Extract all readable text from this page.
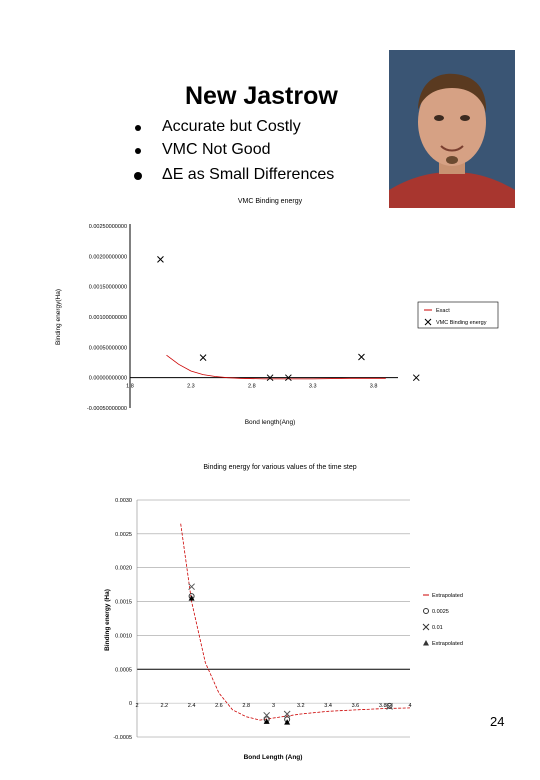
New Jastrow
Accurate but Costly
VMC Not Good
ΔE as Small Differences
VMC Binding energy
0.00250000000
0.00200000000
0.00150000000
0.00100000000
0.00050000000
0.00000000000
-0.00050000000
1.8	2.3	2.8	3.3	3.8
Bond length(Ang)
Binding energy(Ha)	Exact
VMC Binding energy
Binding energy for various values of the time step
0.0030
0.0025
0.0020
0.0015
0.0010
0.0005
0
-0.0005
2	2.2	2.4	2.6	2.8	3	3.2	3.4	3.6	3.8	4
Bond Length (Ang)
Binding energy (Ha)	Extrapolated
0.0025
0.01
Extrapolated
24
